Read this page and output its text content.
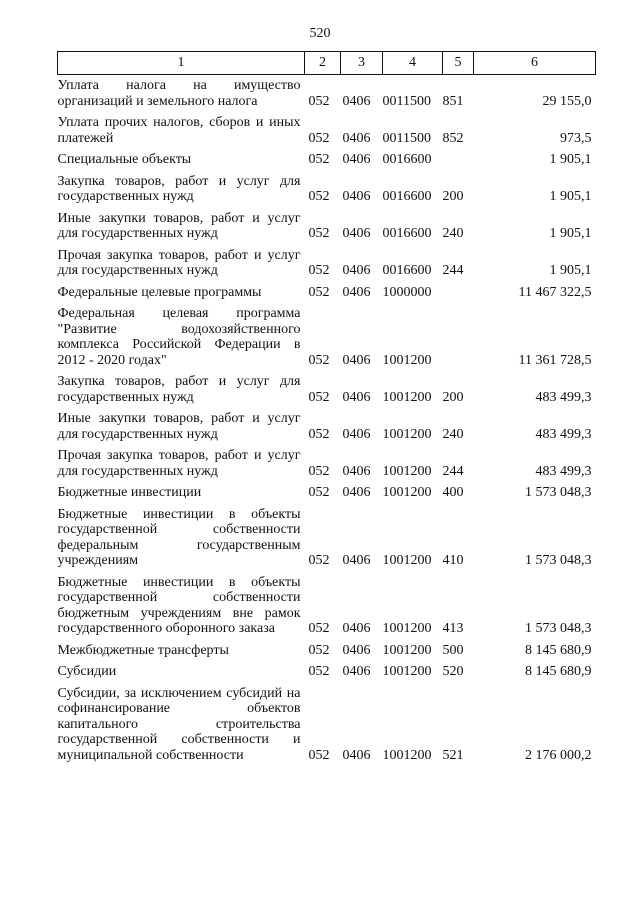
520
1	2	3	4	5	6
Уплата налога на имущество организаций и земельного налога	052	0406	0011500	851	29 155,0
Уплата прочих налогов, сборов и иных платежей	052	0406	0011500	852	973,5
Специальные объекты	052	0406	0016600		1 905,1
Закупка товаров, работ и услуг для государственных нужд	052	0406	0016600	200	1 905,1
Иные закупки товаров, работ и услуг для государственных нужд	052	0406	0016600	240	1 905,1
Прочая закупка товаров, работ и услуг для государственных нужд	052	0406	0016600	244	1 905,1
Федеральные целевые программы	052	0406	1000000		11 467 322,5
Федеральная целевая программа "Развитие водохозяйственного комплекса Российской Федерации в 2012 - 2020 годах"	052	0406	1001200		11 361 728,5
Закупка товаров, работ и услуг для государственных нужд	052	0406	1001200	200	483 499,3
Иные закупки товаров, работ и услуг для государственных нужд	052	0406	1001200	240	483 499,3
Прочая закупка товаров, работ и услуг для государственных нужд	052	0406	1001200	244	483 499,3
Бюджетные инвестиции	052	0406	1001200	400	1 573 048,3
Бюджетные инвестиции в объекты государственной собственности федеральным государственным учреждениям	052	0406	1001200	410	1 573 048,3
Бюджетные инвестиции в объекты государственной собственности бюджетным учреждениям вне рамок государственного оборонного заказа	052	0406	1001200	413	1 573 048,3
Межбюджетные трансферты	052	0406	1001200	500	8 145 680,9
Субсидии	052	0406	1001200	520	8 145 680,9
Субсидии, за исключением субсидий на софинансирование объектов капитального строительства государственной собственности и муниципальной собственности	052	0406	1001200	521	2 176 000,2
